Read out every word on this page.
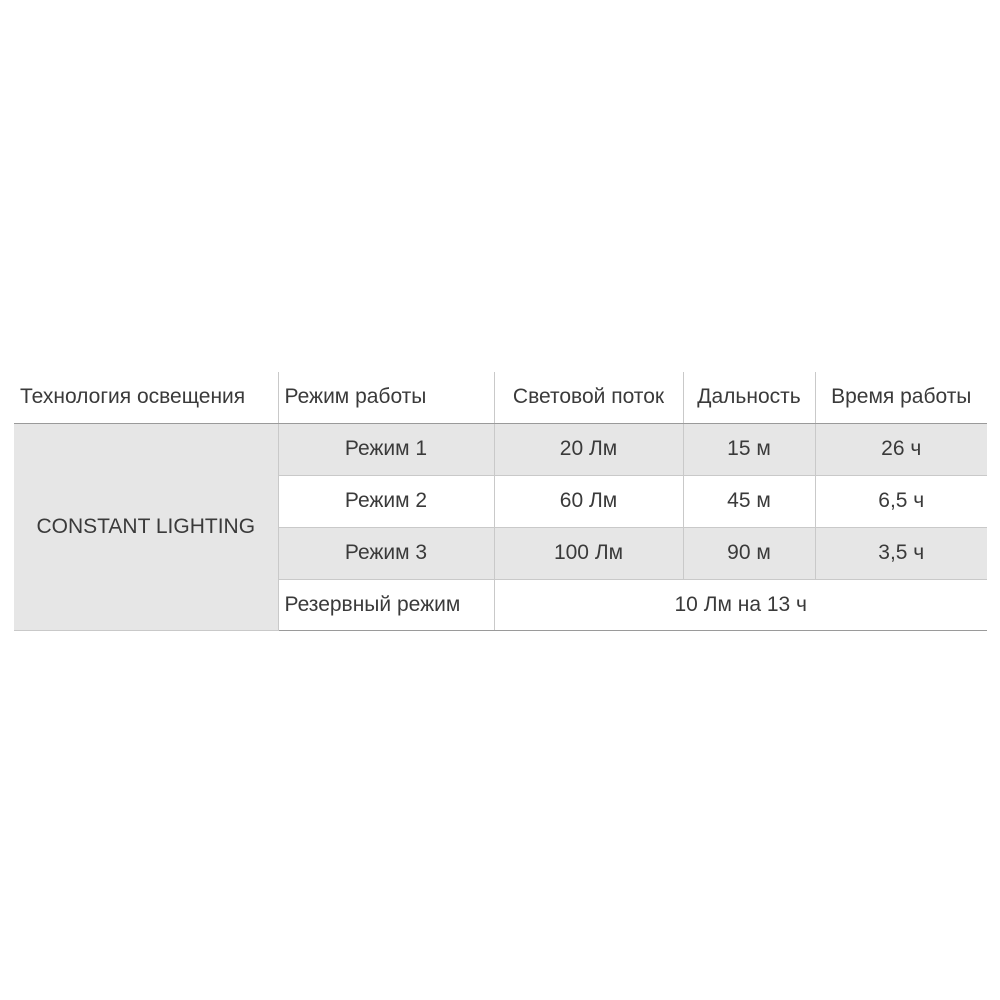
Технология освещения	Режим работы	Световой поток	Дальность	Время работы
CONSTANT LIGHTING	Режим 1	20 Лм	15 м	26 ч
	Режим 2	60 Лм	45 м	6,5 ч
	Режим 3	100 Лм	90 м	3,5 ч
	Резервный режим	10 Лм на 13 ч		
